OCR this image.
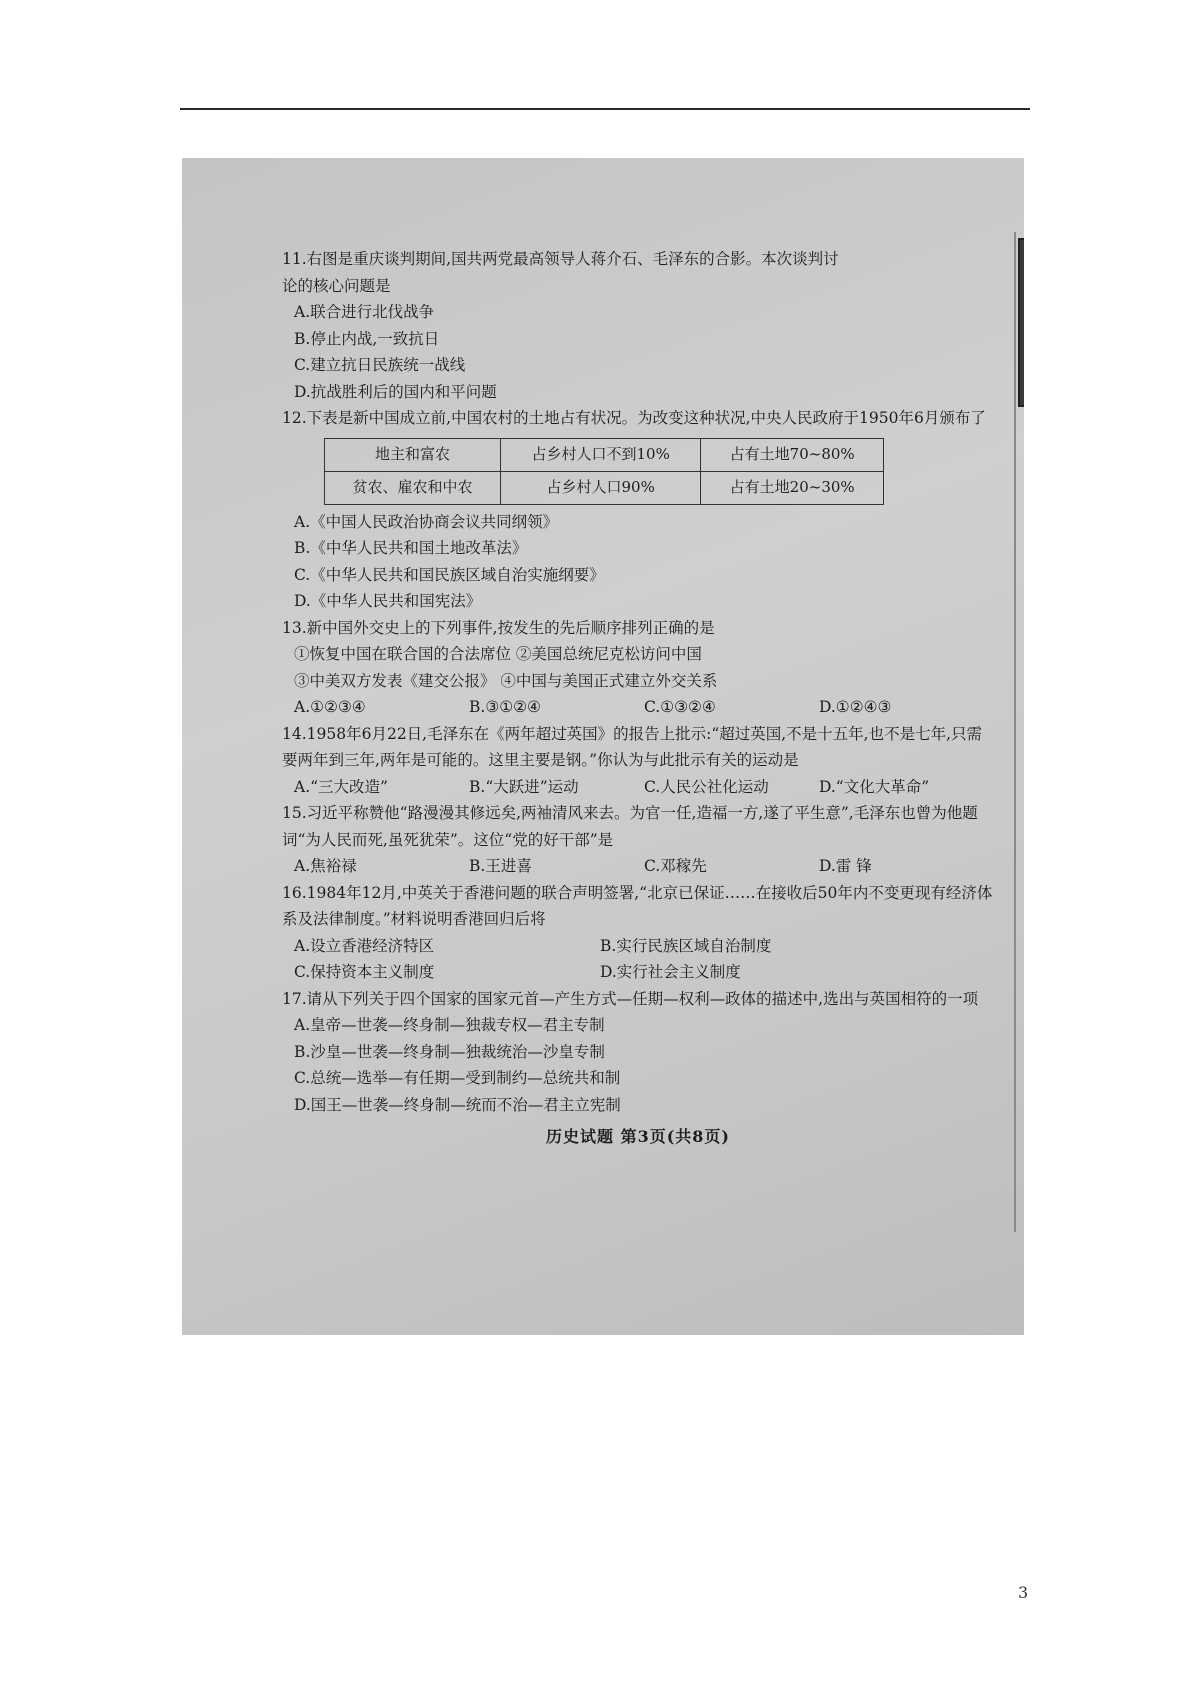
11.右图是重庆谈判期间,国共两党最高领导人蒋介石、毛泽东的合影。本次谈判讨论的核心问题是

A.联合进行北伐战争

B.停止内战,一致抗日

C.建立抗日民族统一战线

D.抗战胜利后的国内和平问题

12.下表是新中国成立前,中国农村的土地占有状况。为改变这种状况,中央人民政府于1950年6月颁布了

地主和富农	占乡村人口不到10%	占有土地70~80%
贫农、雇农和中农	占乡村人口90%	占有土地20~30%

A.《中国人民政治协商会议共同纲领》

B.《中华人民共和国土地改革法》

C.《中华人民共和国民族区域自治实施纲要》

D.《中华人民共和国宪法》

13.新中国外交史上的下列事件,按发生的先后顺序排列正确的是

①恢复中国在联合国的合法席位 ②美国总统尼克松访问中国

③中美双方发表《建交公报》 ④中国与美国正式建立外交关系

A.①②③④	B.③①②④	C.①③②④	D.①②④③

14.1958年6月22日,毛泽东在《两年超过英国》的报告上批示:“超过英国,不是十五年,也不是七年,只需要两年到三年,两年是可能的。这里主要是钢。”你认为与此批示有关的运动是

A.“三大改造”	B.“大跃进”运动	C.人民公社化运动	D.“文化大革命”

15.习近平称赞他“路漫漫其修远矣,两袖清风来去。为官一任,造福一方,遂了平生意”,毛泽东也曾为他题词“为人民而死,虽死犹荣”。这位“党的好干部”是

A.焦裕禄	B.王进喜	C.邓稼先	D.雷 锋

16.1984年12月,中英关于香港问题的联合声明签署,“北京已保证……在接收后50年内不变更现有经济体系及法律制度。”材料说明香港回归后将

A.设立香港经济特区	B.实行民族区域自治制度
C.保持资本主义制度	D.实行社会主义制度

17.请从下列关于四个国家的国家元首—产生方式—任期—权利—政体的描述中,选出与英国相符的一项

A.皇帝—世袭—终身制—独裁专权—君主专制

B.沙皇—世袭—终身制—独裁统治—沙皇专制

C.总统—选举—有任期—受到制约—总统共和制

D.国王—世袭—终身制—统而不治—君主立宪制

历史试题 第3页(共8页)
3
